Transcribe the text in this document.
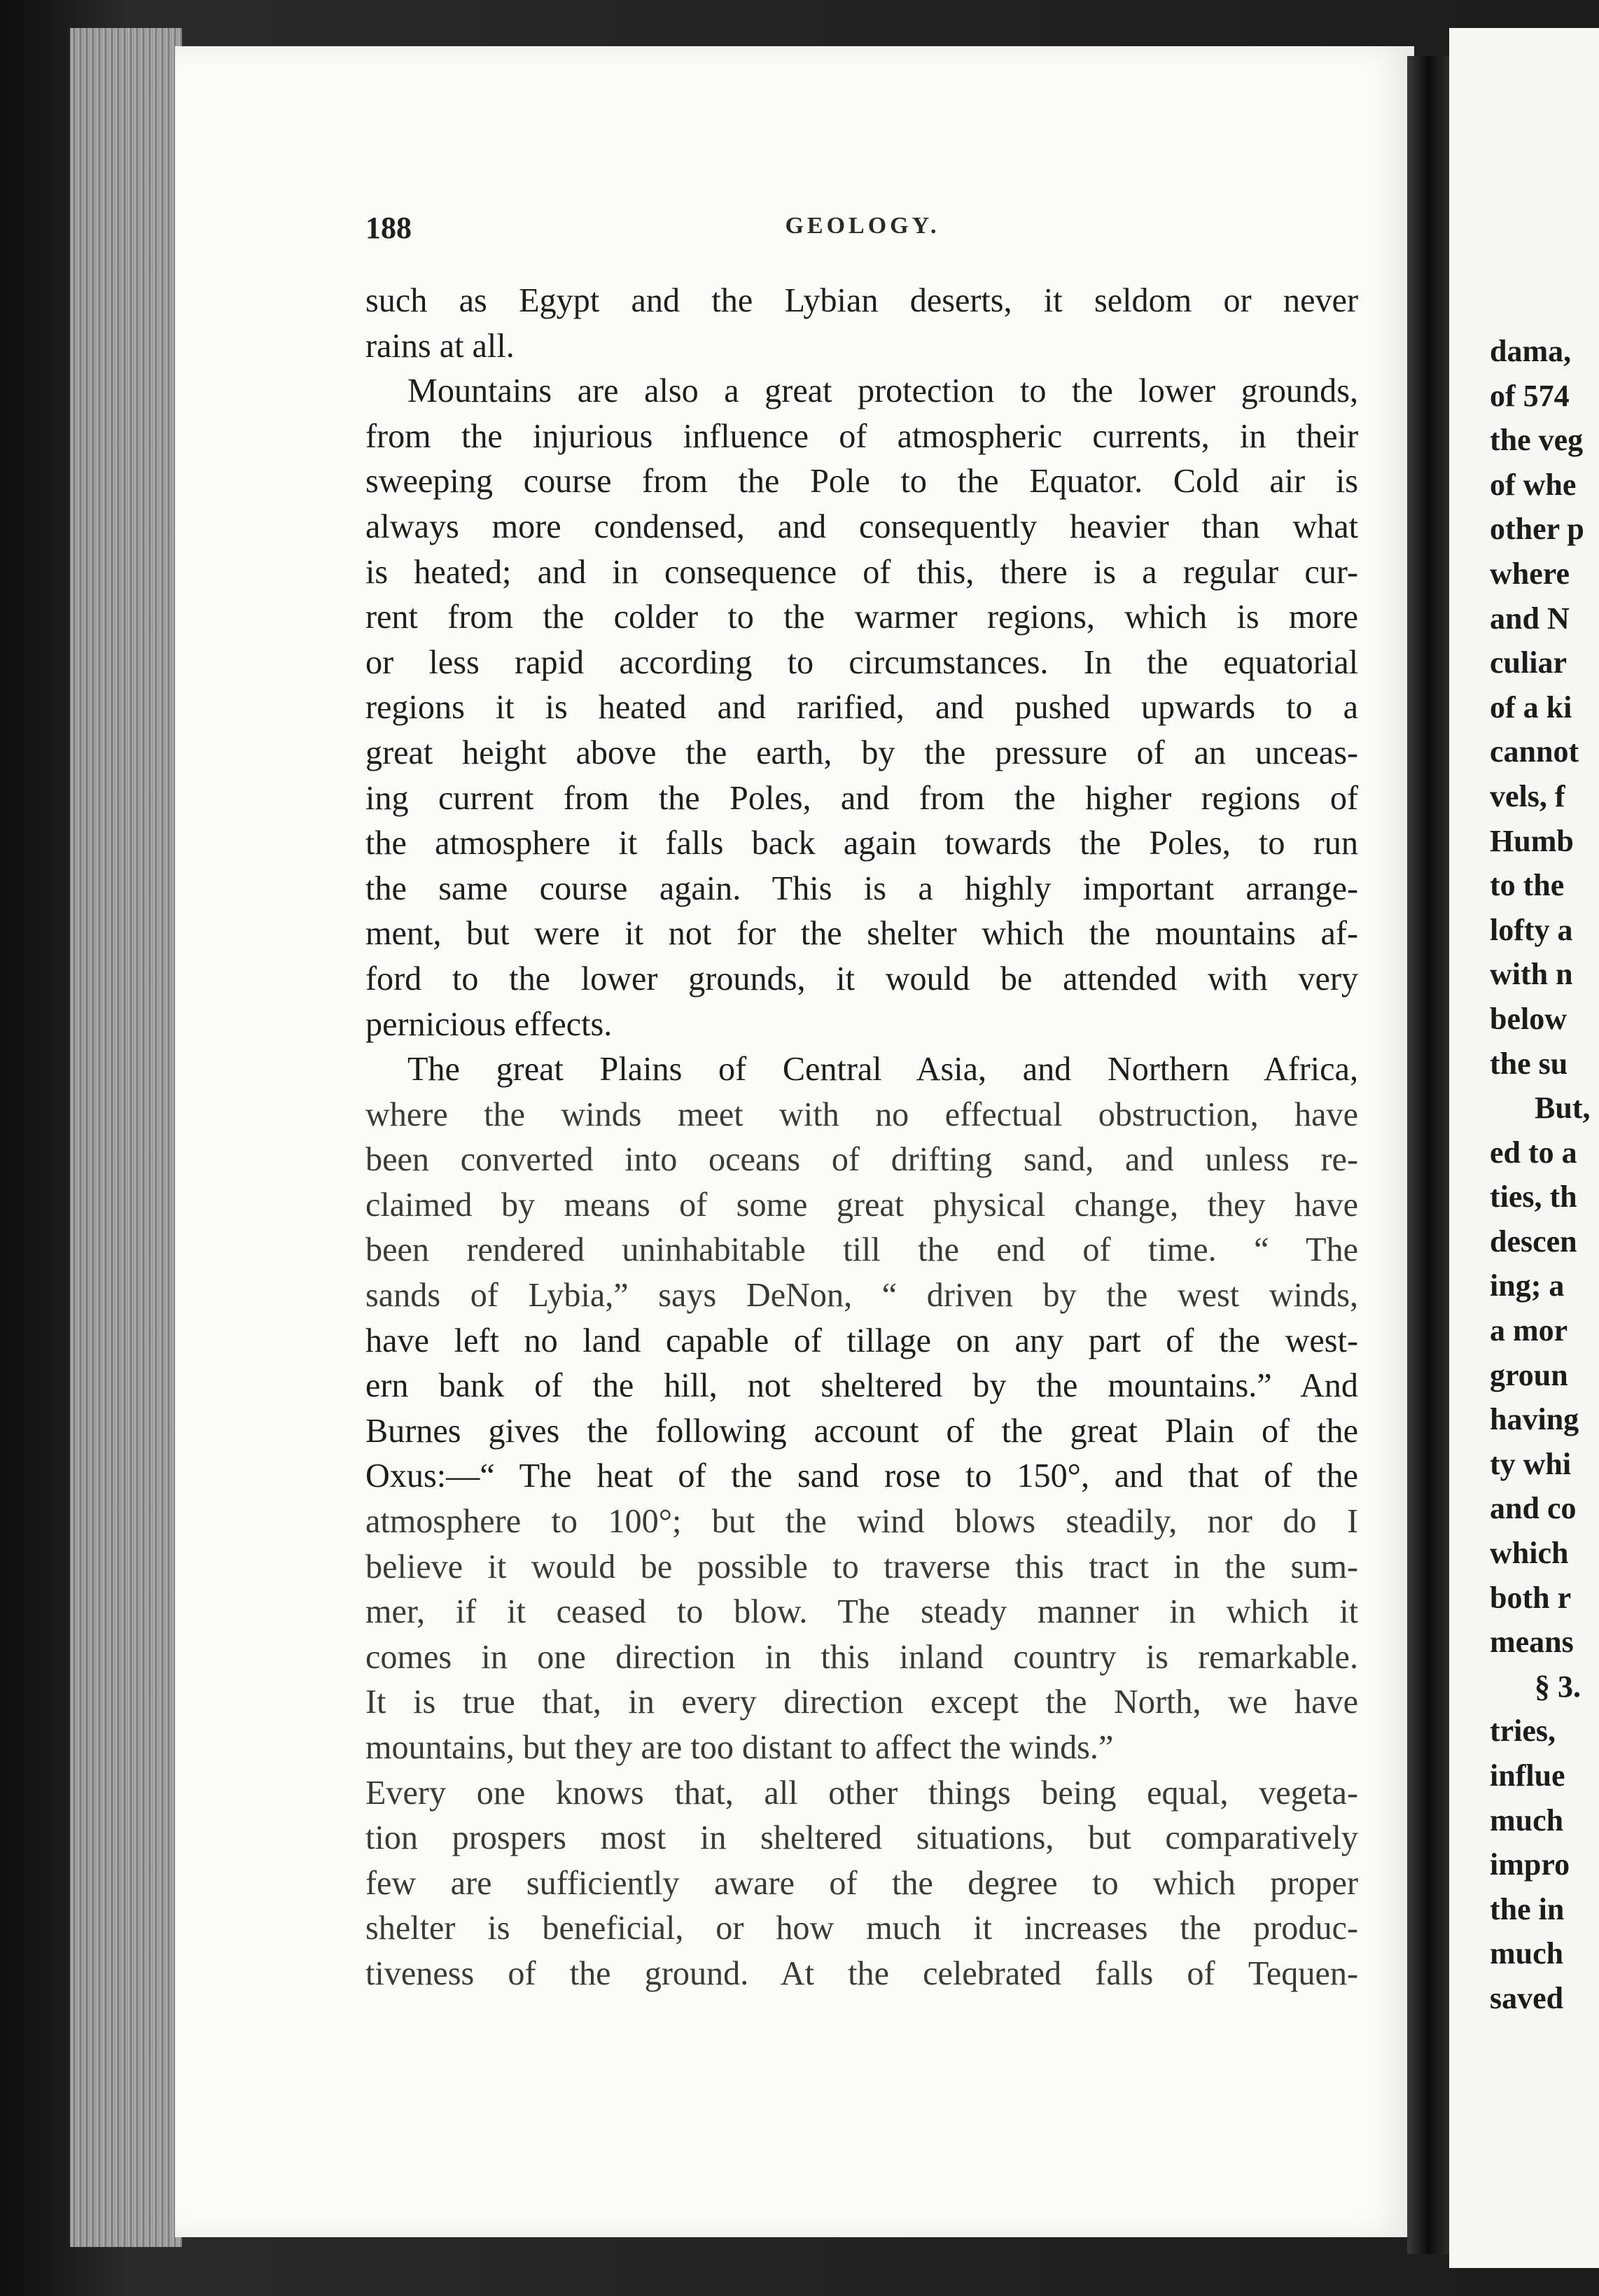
188	GEOLOGY.
such as Egypt and the Lybian deserts, it seldom or never
rains at all.
Mountains are also a great protection to the lower grounds,
from the injurious influence of atmospheric currents, in their
sweeping course from the Pole to the Equator. Cold air is
always more condensed, and consequently heavier than what
is heated; and in consequence of this, there is a regular cur-
rent from the colder to the warmer regions, which is more
or less rapid according to circumstances. In the equatorial
regions it is heated and rarified, and pushed upwards to a
great height above the earth, by the pressure of an unceas-
ing current from the Poles, and from the higher regions of
the atmosphere it falls back again towards the Poles, to run
the same course again. This is a highly important arrange-
ment, but were it not for the shelter which the mountains af-
ford to the lower grounds, it would be attended with very
pernicious effects.
The great Plains of Central Asia, and Northern Africa,
where the winds meet with no effectual obstruction, have
been converted into oceans of drifting sand, and unless re-
claimed by means of some great physical change, they have
been rendered uninhabitable till the end of time. “ The
sands of Lybia,” says DeNon, “ driven by the west winds,
have left no land capable of tillage on any part of the west-
ern bank of the hill, not sheltered by the mountains.” And
Burnes gives the following account of the great Plain of the
Oxus:—“ The heat of the sand rose to 150°, and that of the
atmosphere to 100°; but the wind blows steadily, nor do I
believe it would be possible to traverse this tract in the sum-
mer, if it ceased to blow. The steady manner in which it
comes in one direction in this inland country is remarkable.
It is true that, in every direction except the North, we have
mountains, but they are too distant to affect the winds.”
Every one knows that, all other things being equal, vegeta-
tion prospers most in sheltered situations, but comparatively
few are sufficiently aware of the degree to which proper
shelter is beneficial, or how much it increases the produc-
tiveness of the ground. At the celebrated falls of Tequen-
dama,
of 574
the veg
of whe
other p
where
and N
culiar
of a ki
cannot
vels, f
Humb
to the
lofty a
with n
below
the su
But,
ed to a
ties, th
descen
ing; a
a mor
groun
having
ty whi
and co
which
both r
means
§ 3.
tries,
influe
much
impro
the in
much
saved
